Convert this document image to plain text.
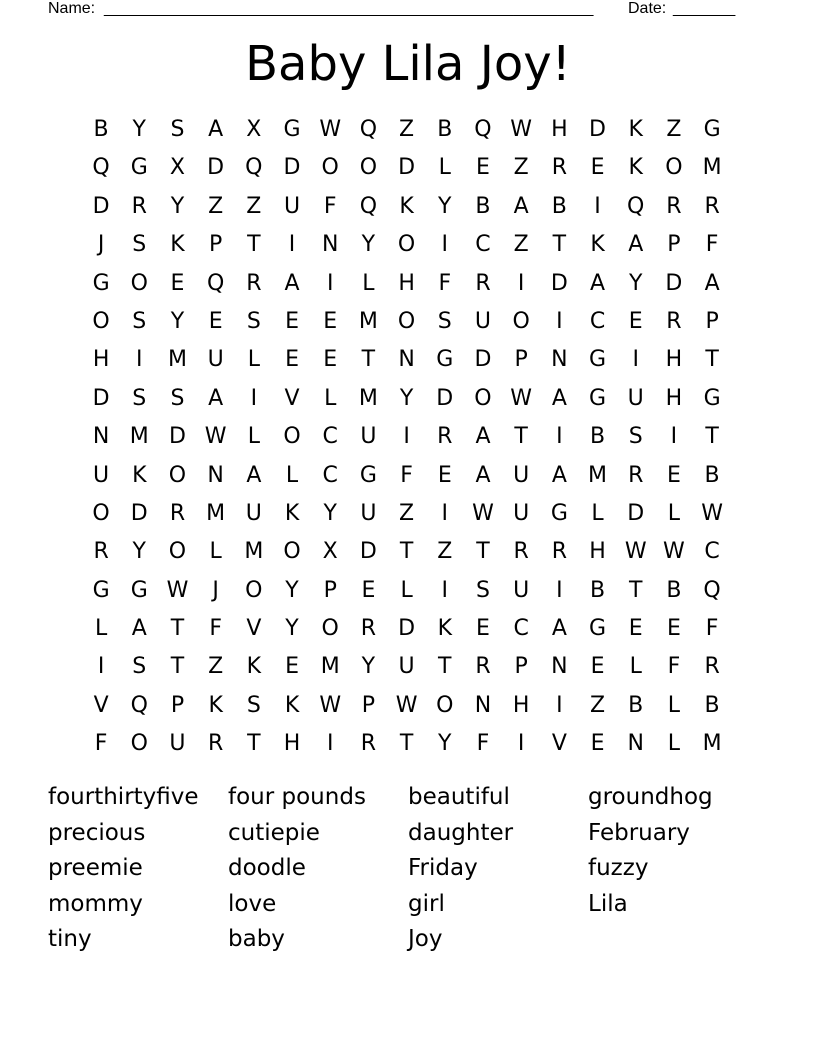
Name: _______________________________________________________ Date: _______
Baby Lila Joy!
B	Y	S	A	X	G W Q Z	B Q W H D	K	Z	G
Q G	X	D Q D O O D	L	E	Z	R	E	K	O M
D	R	Y	Z	Z	U	F	Q	K	Y	B	A	B	I	Q R	R
J	S	K	P	T	I	N	Y	O	I	C	Z	T	K	A	P	F
G O	E	Q R	A	I	L	H	F	R	I	D	A	Y	D	A
O	S	Y	E	S	E	E M O	S	U O	I	C	E	R	P
H	I	M U	L	E	E	T	N G D	P	N G	I	H	T
D	S	S	A	I	V	L	M Y	D O W A	G U H G
N M D W L	O C	U	I	R	A	T	I	B	S	I	T
U	K	O N	A	L	C G	F	E	A	U	A M R	E	B
O D	R M U	K	Y	U	Z	I	W U G	L	D	L W
R	Y	O	L	M O X	D	T	Z	T	R	R	H W W C
G G W	J	O	Y	P	E	L	I	S	U	I	B	T	B Q
L	A	T	F	V	Y	O R	D	K	E	C	A	G	E	E	F
I	S	T	Z	K	E M Y	U	T	R	P	N	E	L	F	R
V Q	P	K	S	K W P W O N H	I	Z	B	L	B
F	O U	R	T	H	I	R	T	Y	F	I	V	E	N	L	M
fourthirtyfive	four pounds	beautiful	groundhog
precious	cutiepie	daughter	February
preemie	doodle	Friday	fuzzy
mommy	love	girl	Lila
tiny	baby	Joy
